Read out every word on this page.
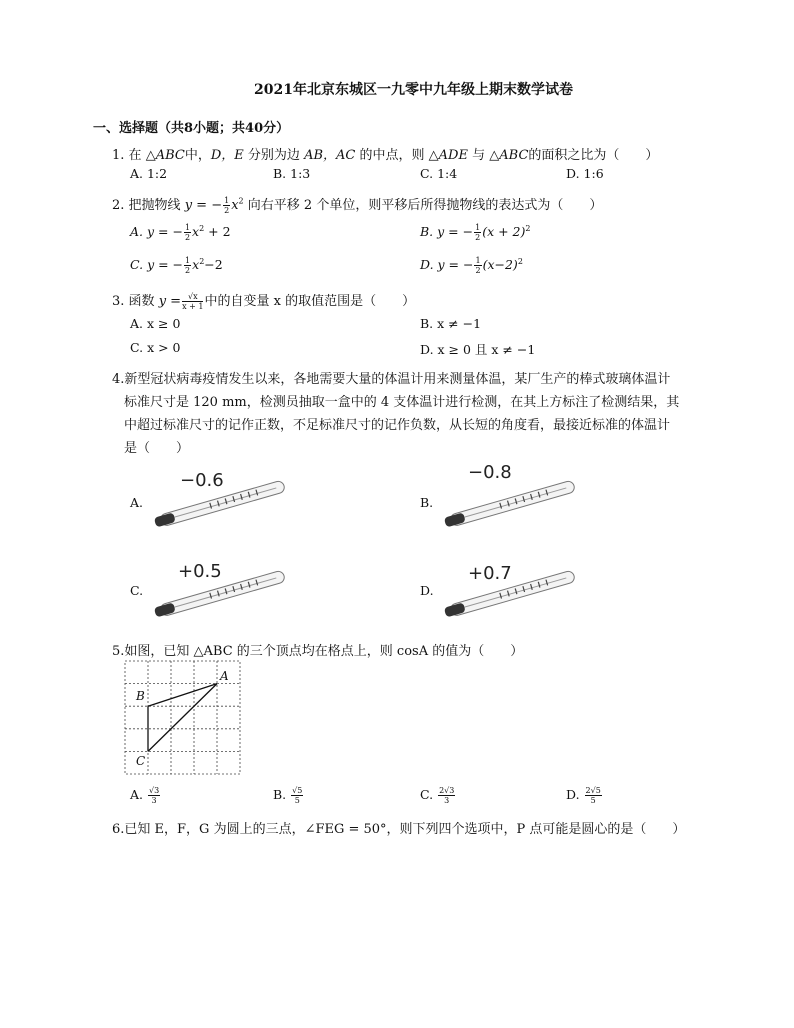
2021年北京东城区一九零中九年级上期末数学试卷
一、选择题（共8小题；共40分）
1. 在 △ABC中，D，E 分别为边 AB，AC 的中点，则 △ADE 与 △ABC的面积之比为（　　）
A. 1:2	B. 1:3	C. 1:4	D. 1:6
2. 把抛物线 y = − $\frac{1}{2} x^2$ 向右平移 2 个单位，则平移后所得抛物线的表达式为（　　）
A. y = − $\frac{1}{2} x^2 + 2$	B. y = − $\frac{1}{2} (x + 2)^2$
C. y = − $\frac{1}{2} x^2-2$	D. y = − $\frac{1}{2} (x-2)^2$
3. 函数 $y = \frac{√x}{x + 1}$ 中的自变量 x 的取值范围是（　　）
A. x ≥ 0	B. x ≠ −1
C. x > 0	D. x ≥ 0 且 x ≠ −1
4.新型冠状病毒疫情发生以来，各地需要大量的体温计用来测量体温，某厂生产的棒式玻璃体温计
标准尺寸是 120 mm，检测员抽取一盒中的 4 支体温计进行检测，在其上方标注了检测结果，其
中超过标准尺寸的记作正数，不足标准尺寸的记作负数，从长短的角度看，最接近标准的体温计
是（　　）
A.	B.
C.	D.
−0.6	−0.8
+0.5	+0.7
5.如图，已知 △ABC 的三个顶点均在格点上，则 cosA 的值为（　　）
A
B
C
A. $\frac{√3}{3}$	B. $\frac{√5}{5}$	C. $\frac{2√3}{3}$	D. $\frac{2√5}{5}$
6.已知 E，F，G 为圆上的三点，∠FEG = 50°，则下列四个选项中，P 点可能是圆心的是（　　）
